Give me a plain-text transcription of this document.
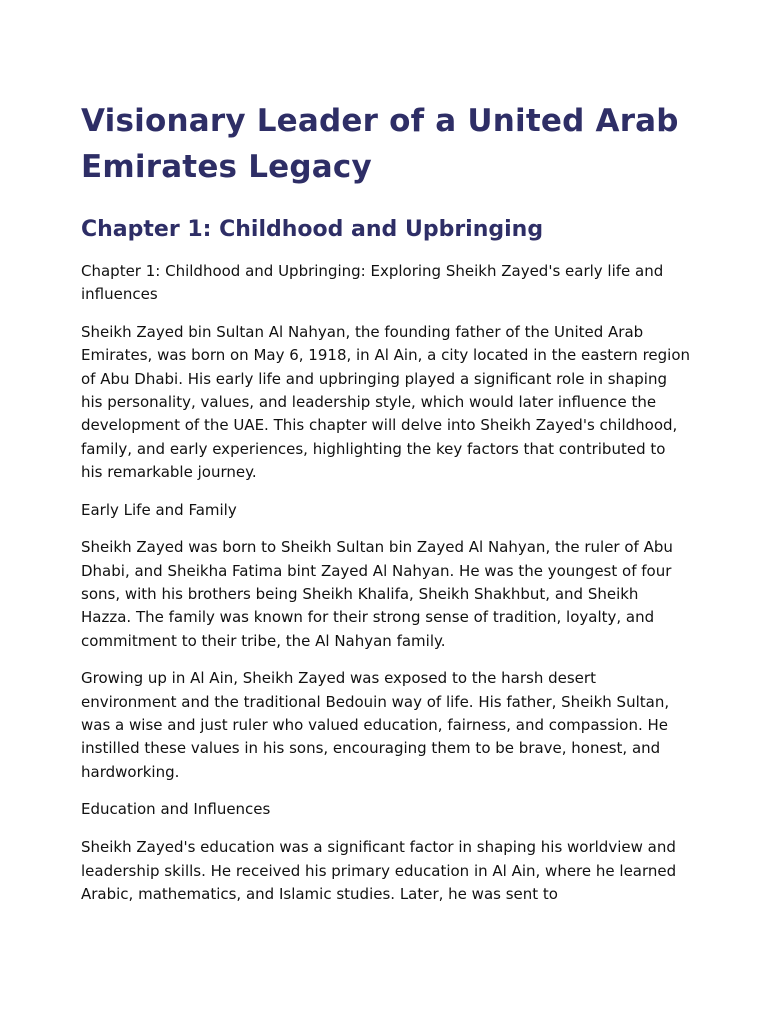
Visionary Leader of a United Arab Emirates Legacy
Chapter 1: Childhood and Upbringing

Chapter 1: Childhood and Upbringing: Exploring Sheikh Zayed's early life and influences

Sheikh Zayed bin Sultan Al Nahyan, the founding father of the United Arab Emirates, was born on May 6, 1918, in Al Ain, a city located in the eastern region of Abu Dhabi. His early life and upbringing played a significant role in shaping his personality, values, and leadership style, which would later influence the development of the UAE. This chapter will delve into Sheikh Zayed's childhood, family, and early experiences, highlighting the key factors that contributed to his remarkable journey.

Early Life and Family

Sheikh Zayed was born to Sheikh Sultan bin Zayed Al Nahyan, the ruler of Abu Dhabi, and Sheikha Fatima bint Zayed Al Nahyan. He was the youngest of four sons, with his brothers being Sheikh Khalifa, Sheikh Shakhbut, and Sheikh Hazza. The family was known for their strong sense of tradition, loyalty, and commitment to their tribe, the Al Nahyan family.

Growing up in Al Ain, Sheikh Zayed was exposed to the harsh desert environment and the traditional Bedouin way of life. His father, Sheikh Sultan, was a wise and just ruler who valued education, fairness, and compassion. He instilled these values in his sons, encouraging them to be brave, honest, and hardworking.

Education and Influences

Sheikh Zayed's education was a significant factor in shaping his worldview and leadership skills. He received his primary education in Al Ain, where he learned Arabic, mathematics, and Islamic studies. Later, he was sent to
